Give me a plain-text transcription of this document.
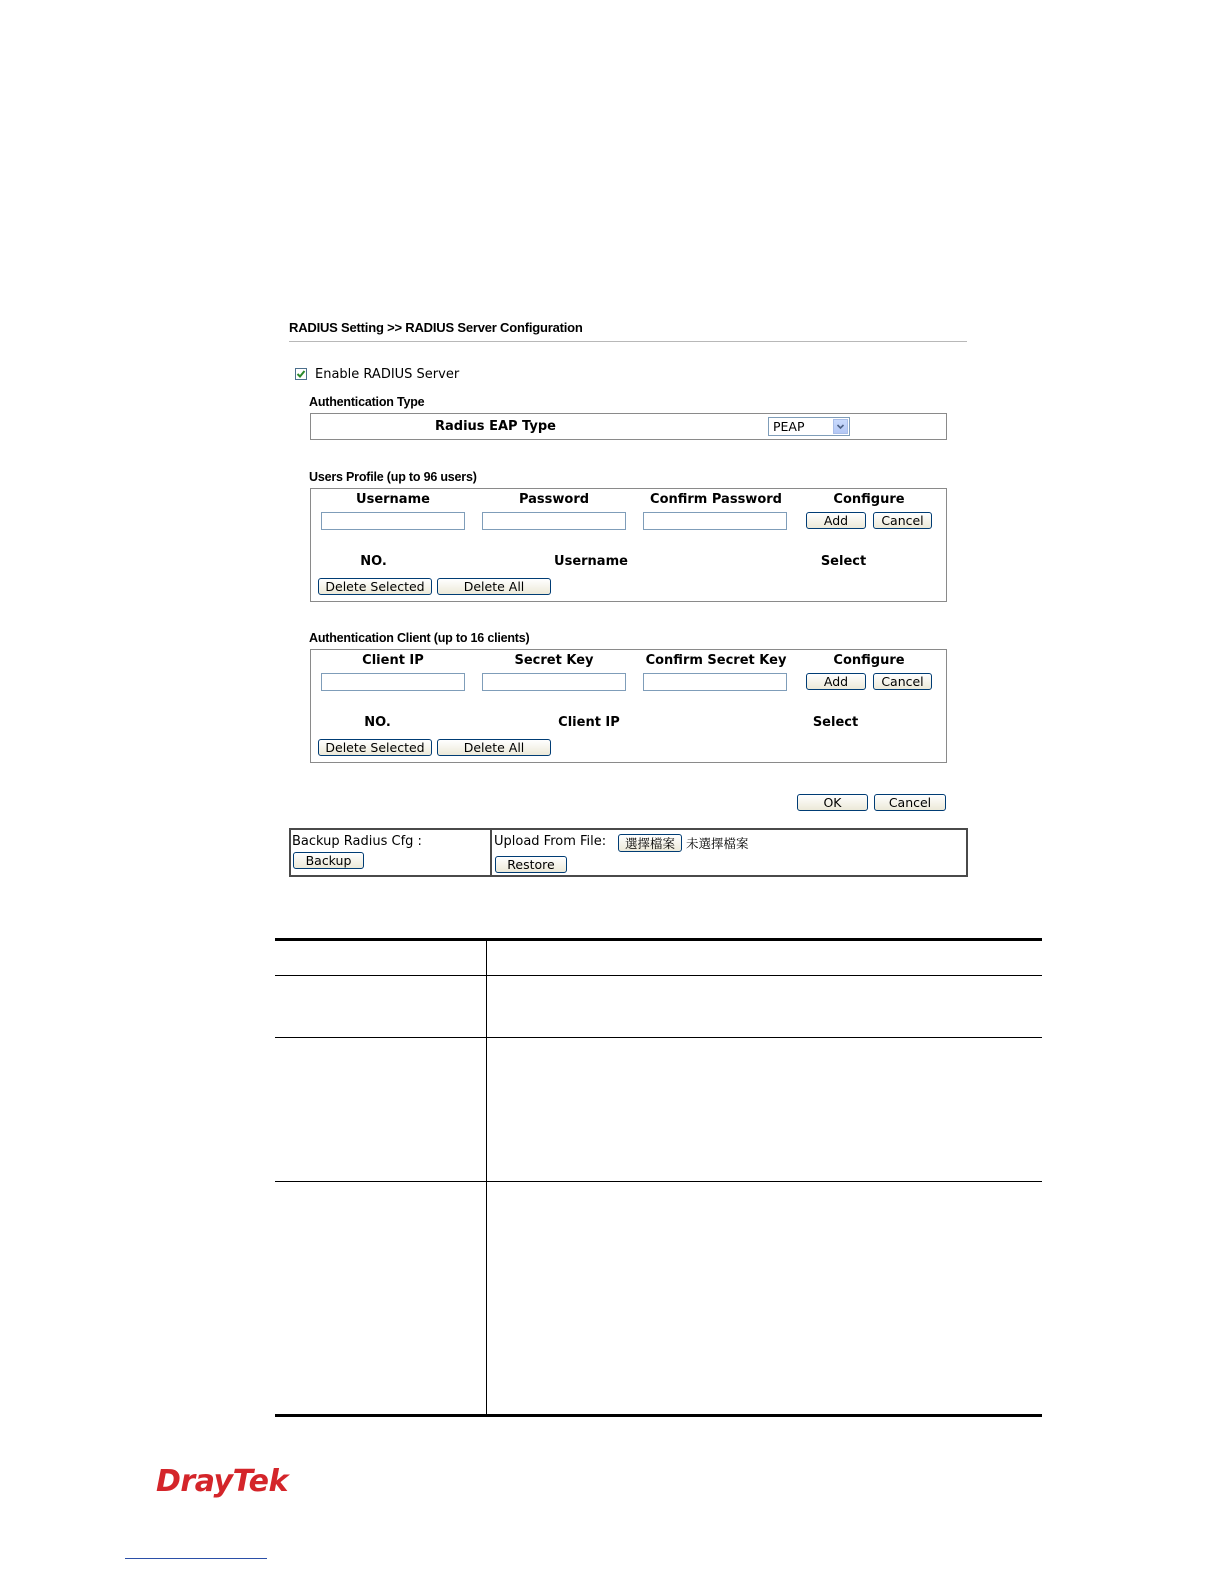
RADIUS Setting >> RADIUS Server Configuration
Enable RADIUS Server
Authentication Type
Radius EAP Type	PEAP
Users Profile (up to 96 users)
Username	Password	Confirm Password	Configure
Add	Cancel
NO.	Username	Select
Delete Selected	Delete All
Authentication Client (up to 16 clients)
Client IP	Secret Key	Confirm Secret Key	Configure
Add	Cancel
NO.	Client IP	Select
Delete Selected	Delete All
OK	Cancel
Backup Radius Cfg :
Backup
Upload From File:	選擇檔案 未選擇檔案
Restore
DrayTek
